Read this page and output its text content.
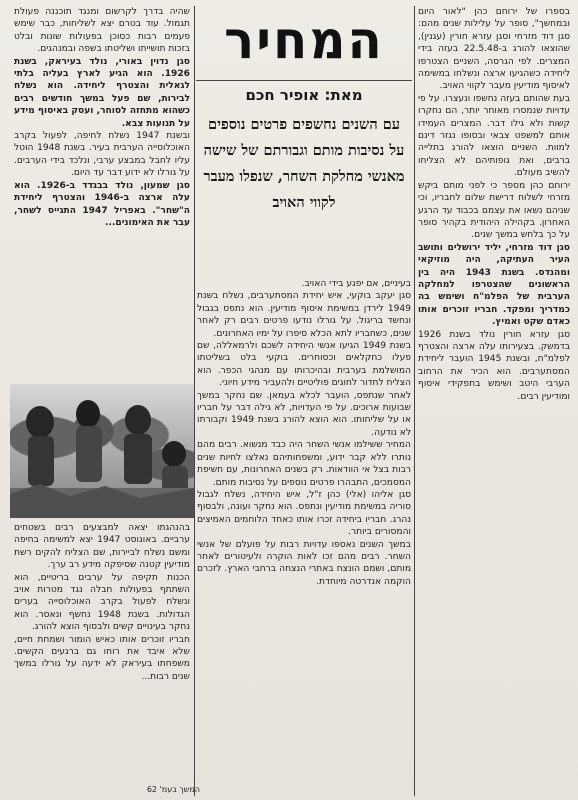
המחיר
מאת: אופיר חכם
עם השנים נחשפים פרטים נוספים על נסיבות מותם וגבורתם של שישה מאנשי מחלקת השחר, שנפלו מעבר לקווי האויב

בספרו של ירוחם כהן "לאור היום ובמחשך", סופר על עלילות שנים מהם: סגן דוד מזרחי וסגן עזרא חורין (עגנין), שהוצאו להורג ב-22.5.48 בעזה בידי המצרים. לפי הגרסה, השניים הצטרפו ליחידה כשהגיעו ארצה ונשלחו במשימה לאיסוף מודיעין מעבר לקווי האויב.

בעת שהותם בעזה נחשפו ונעצרו. על פי עדויות שנמסרו מאוחר יותר, הם נחקרו קשות ולא גילו דבר. המצרים העמידו אותם למשפט צבאי ובסופו נגזר דינם למוות. השניים הוצאו להורג בתלייה ברבים, ואת גופותיהם לא הצליחו להשיב מעולם.

ירוחם כהן מספר כי לפני מותם ביקש מזרחי לשלוח דרישת שלום לחבריו, וכי שניהם נשאו את עצמם בכבוד עד הרגע האחרון. בקהילה היהודית בקהיר סופר על כך בלחש במשך שנים.

סגן דוד מזרחי, יליד ירושלים ותושב העיר העתיקה, היה מוזיקאי ומהנדס. בשנת 1943 היה בין הראשונים שהצטרפו למחלקה הערבית של הפלמ"ח ושימש בה כמדריך ומפקד. חבריו זוכרים אותו כאדם שקט ואמיץ.

סגן עזרא חורין נולד בשנת 1926 בדמשק. בצעירותו עלה ארצה והצטרף לפלמ"ח, ובשנת 1945 הועבר ליחידת המסתערבים. הוא הכיר את הרחוב הערבי היטב ושימש בתפקידי איסוף ומודיעין רבים.

בעיניים, אם יפגע בידי האויב.

סגן יעקב בוקעי, איש יחידת המסתערבים, נשלח בשנת 1949 לירדן במשימת איסוף מודיעין. הוא נתפס בגבול ונחשד בריגול. על גורלו נודעו פרטים רבים רק לאחר שנים, כשחבריו לתא הכלא סיפרו על ימיו האחרונים.

בשנת 1949 הגיעו אנשי היחידה לשכם ולרמאללה, שם פעלו כחקלאים וכסוחרים. בוקעי בלט בשליטתו המושלמת בערבית ובהיכרותו עם מנהגי הכפר. הוא הצליח לחדור לחוגים פוליטיים ולהעביר מידע חיוני.

לאחר שנתפס, הועבר לכלא בעמאן. שם נחקר במשך שבועות ארוכים. על פי העדויות, לא גילה דבר על חבריו או על שליחותו. הוא הוצא להורג בשנת 1949 וקבורתו לא נודעה.

המחיר ששילמו אנשי השחר היה כבד מנשוא. רבים מהם נותרו ללא קבר ידוע, ומשפחותיהם נאלצו לחיות שנים רבות בצל אי הוודאות. רק בשנים האחרונות, עם חשיפת המסמכים, התבהרו פרטים נוספים על נסיבות מותם.

סגן אליהו (אלי) כהן ז"ל, איש היחידה, נשלח לגבול סוריה במשימת מודיעין ונתפס. הוא נחקר ועונה, ולבסוף נהרג. חבריו ביחידה זכרו אותו כאחד הלוחמים האמיצים והמסורים ביותר.

במשך השנים נאספו עדויות רבות על פועלם של אנשי השחר. רבים מהם זכו לאות הוקרה ולעיטורים לאחר מותם, ושמם הונצח באתרי הנצחה ברחבי הארץ. לזכרם הוקמה אנדרטה מיוחדת.

שהיה בדרך לקרשום ומנגד תוכננה פעולת תגמול. עוד בטרם יצא לשליחות, כבר שימש פעמים רבות כסוכן בפעולות שונות ובלט בזכות תושייתו ושליטתו בשפה ובמנהגים.

סגן נדוין באורי, נולד בעיראק, בשנת 1926. הוא הגיע לארץ בעליה בלתי לגאלית והצטרף ליחידה. הוא נשלח לבירות, שם פעל במשך חודשים רבים כשהוא מתחזה לסוחר, ועסק באיסוף מידע על תנועות צבא.

ובשנת 1947 נשלח לחיפה, לפעול בקרב האוכלוסייה הערבית בעיר. בשנת 1948 הוטל עליו לחבל במבצע ערבי, ונלכד בידי הערבים. על גורלו לא ידוע דבר עד היום.

סגן שמעון, נולד בבגדד ב-1926. הוא עלה ארצה ב-1946 והצטרף ליחידת ה"שחר". באפריל 1947 התגייס לשחר, עבר את האימונים...

בהנהגתו יצאה למבצעים רבים בשטחים ערביים. באוגוסט 1947 יצא למשימה בחיפה ומשם נשלח לביירות, שם הצליח להקים רשת מודיעין קטנה שסיפקה מידע רב ערך.

הכנות תקיפה על ערבים בריטיים, הוא השתתף בפעולות חבלה נגד מטרות אויב ונשלח לפעול בקרב האוכלוסייה בערים הגדולות. בשנת 1948 נחשף ונאסר. הוא נחקר בעינויים קשים ולבסוף הוצא להורג.

חבריו זוכרים אותו כאיש הומור ושמחת חיים, שלא איבד את רוחו גם ברגעים הקשים. משפחתו בעיראק לא ידעה על גורלו במשך שנים רבות...

המשך בעמ' 62
